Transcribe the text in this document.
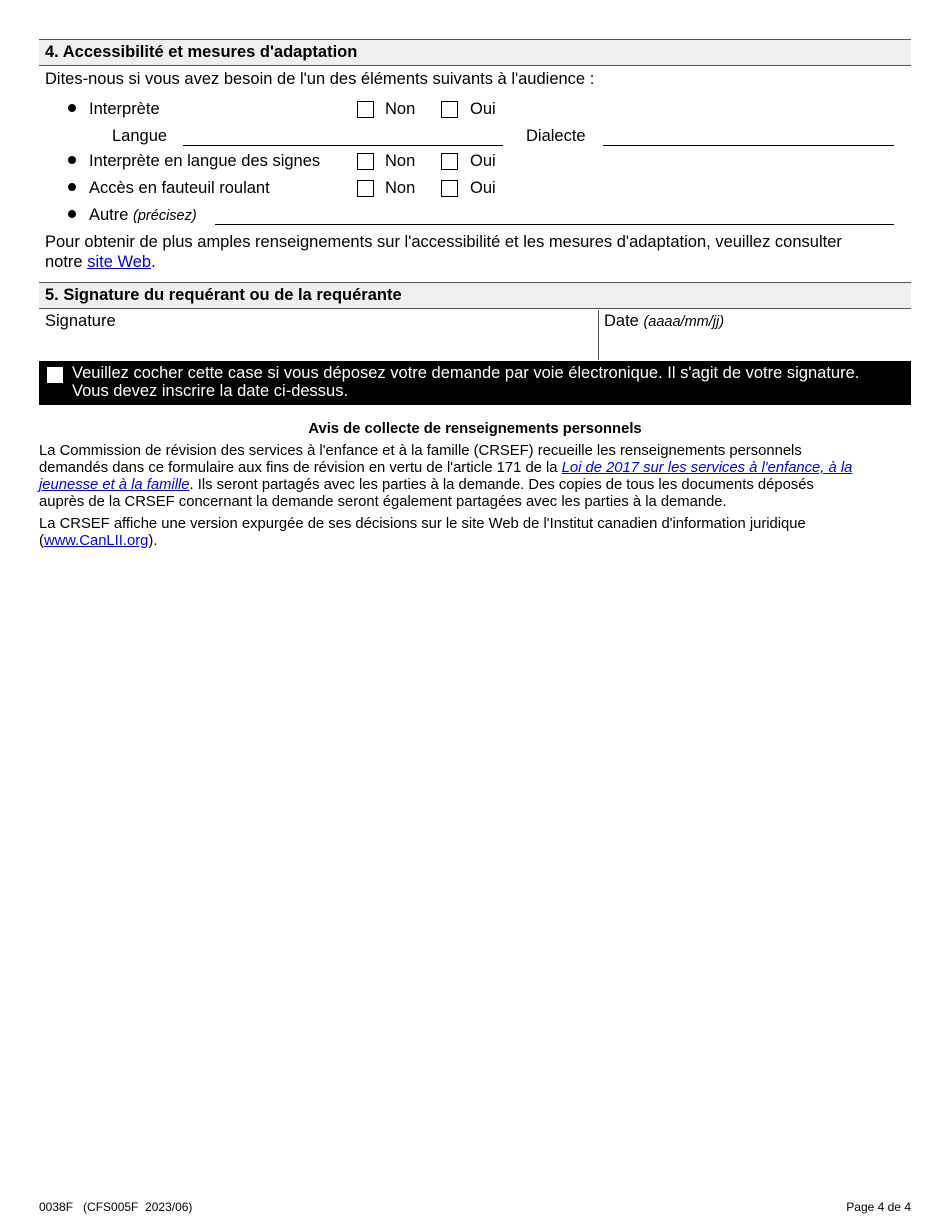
4. Accessibilité et mesures d'adaptation
Dites-nous si vous avez besoin de l'un des éléments suivants à l'audience :
Interprète	Non	Oui
Langue	Dialecte
Interprète en langue des signes	Non	Oui
Accès en fauteuil roulant	Non	Oui
Autre (précisez)
Pour obtenir de plus amples renseignements sur l'accessibilité et les mesures d'adaptation, veuillez consulter
notre site Web.
5. Signature du requérant ou de la requérante
Signature	Date (aaaa/mm/jj)
Veuillez cocher cette case si vous déposez votre demande par voie électronique. Il s'agit de votre signature.
Vous devez inscrire la date ci-dessus.
Avis de collecte de renseignements personnels
La Commission de révision des services à l'enfance et à la famille (CRSEF) recueille les renseignements personnels
demandés dans ce formulaire aux fins de révision en vertu de l'article 171 de la Loi de 2017 sur les services à l'enfance, à la
jeunesse et à la famille. Ils seront partagés avec les parties à la demande. Des copies de tous les documents déposés
auprès de la CRSEF concernant la demande seront également partagées avec les parties à la demande.
La CRSEF affiche une version expurgée de ses décisions sur le site Web de l'Institut canadien d'information juridique
(www.CanLII.org).
0038F   (CFS005F  2023/06)	Page 4 de 4
